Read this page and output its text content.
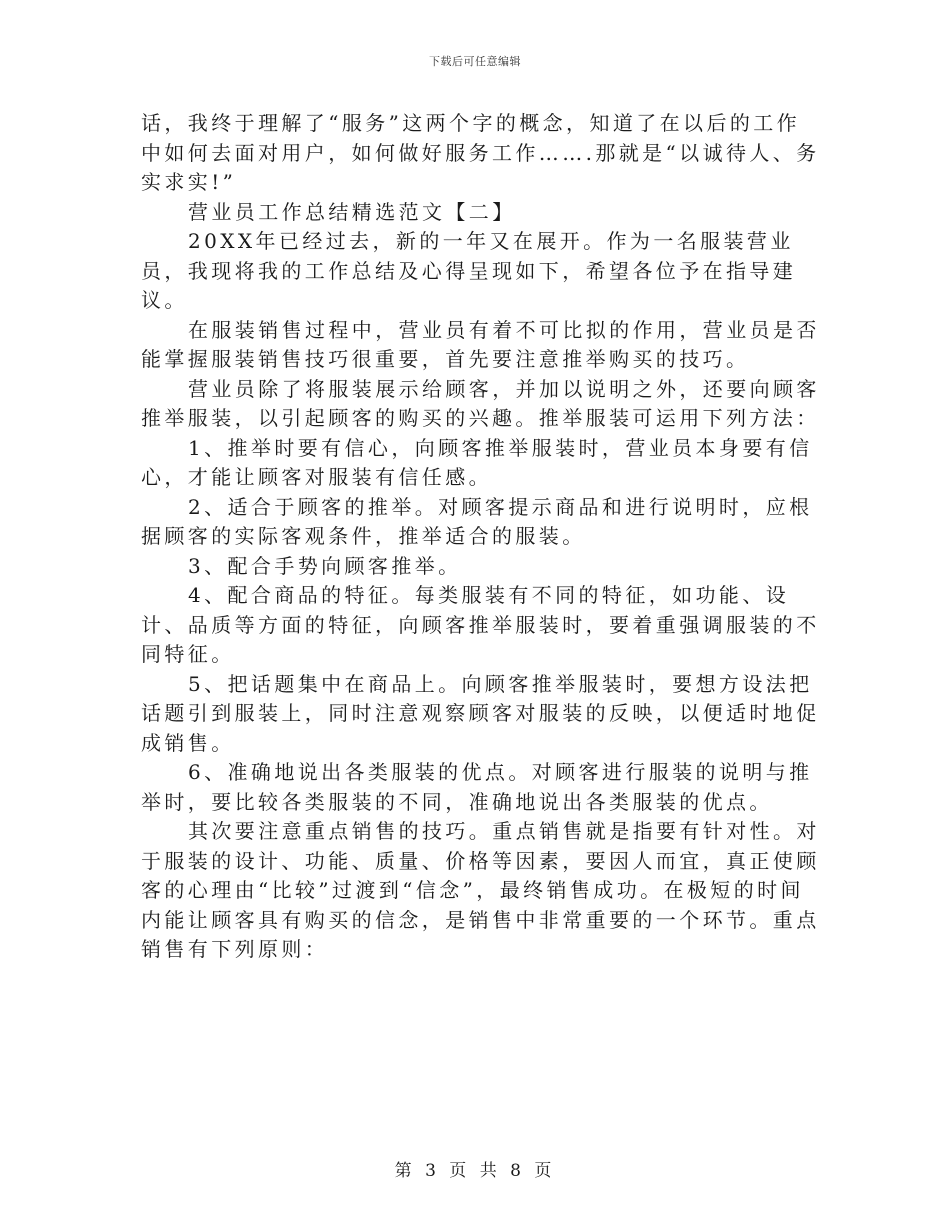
下载后可任意编辑

话，我终于理解了“服务”这两个字的概念，知道了在以后的工作中如何去面对用户，如何做好服务工作…….那就是“以诚待人、务实求实!”

营业员工作总结精选范文【二】

20XX年已经过去，新的一年又在展开。作为一名服装营业员，我现将我的工作总结及心得呈现如下，希望各位予在指导建议。

在服装销售过程中，营业员有着不可比拟的作用，营业员是否能掌握服装销售技巧很重要，首先要注意推举购买的技巧。

营业员除了将服装展示给顾客，并加以说明之外，还要向顾客推举服装，以引起顾客的购买的兴趣。推举服装可运用下列方法：

1、推举时要有信心，向顾客推举服装时，营业员本身要有信心，才能让顾客对服装有信任感。

2、适合于顾客的推举。对顾客提示商品和进行说明时，应根据顾客的实际客观条件，推举适合的服装。

3、配合手势向顾客推举。

4、配合商品的特征。每类服装有不同的特征，如功能、设计、品质等方面的特征，向顾客推举服装时，要着重强调服装的不同特征。

5、把话题集中在商品上。向顾客推举服装时，要想方设法把话题引到服装上，同时注意观察顾客对服装的反映，以便适时地促成销售。

6、准确地说出各类服装的优点。对顾客进行服装的说明与推举时，要比较各类服装的不同，准确地说出各类服装的优点。

其次要注意重点销售的技巧。重点销售就是指要有针对性。对于服装的设计、功能、质量、价格等因素，要因人而宜，真正使顾客的心理由“比较”过渡到“信念”，最终销售成功。在极短的时间内能让顾客具有购买的信念，是销售中非常重要的一个环节。重点销售有下列原则：

第 3 页 共 8 页
